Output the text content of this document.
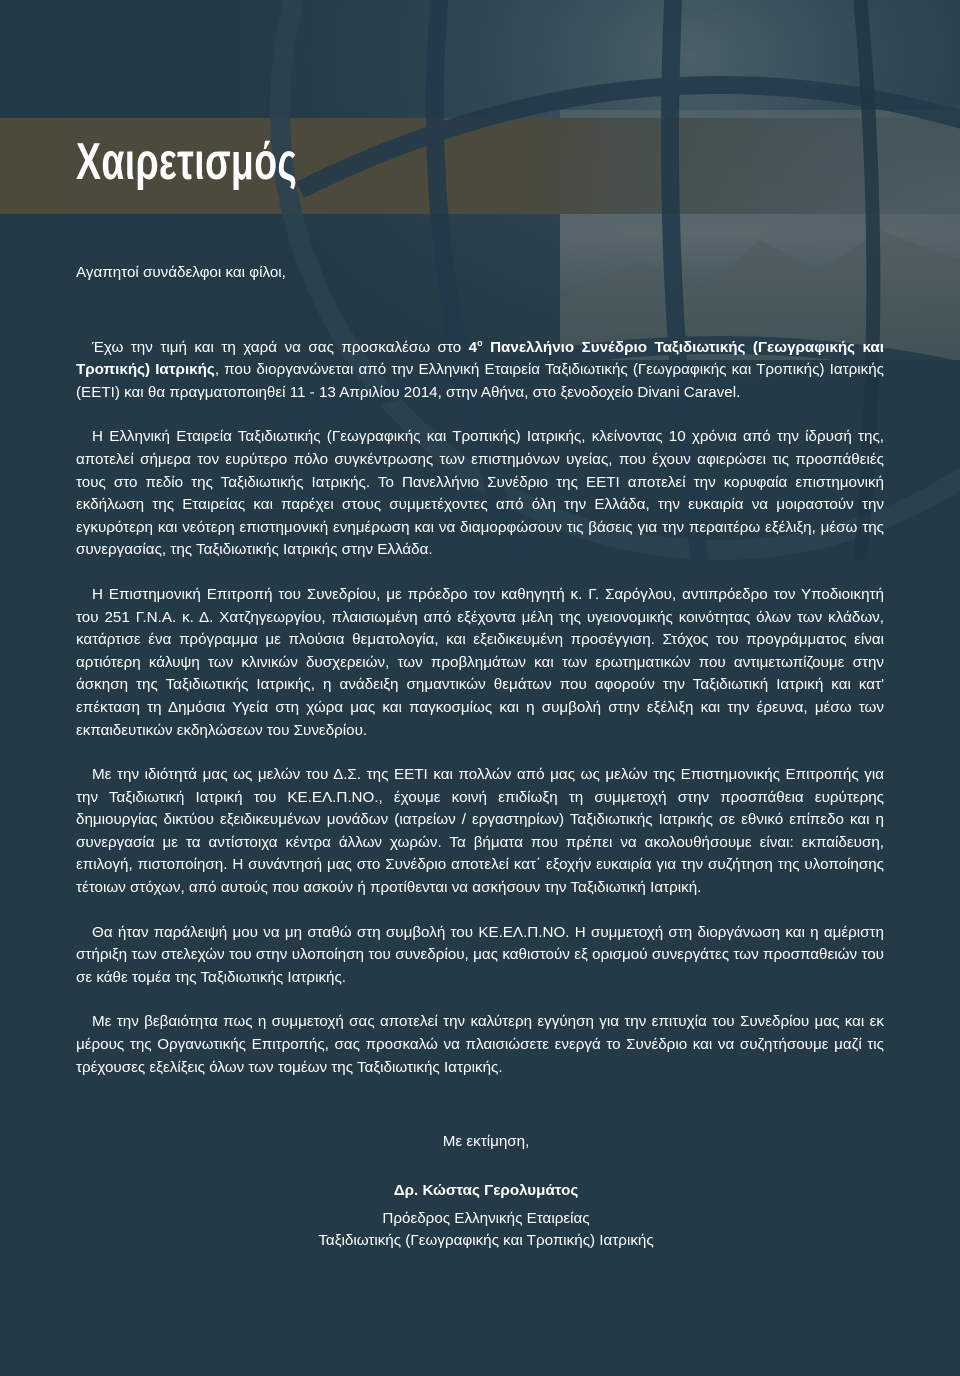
Χαιρετισμός

Αγαπητοί συνάδελφοι και φίλοι,

Έχω την τιμή και τη χαρά να σας προσκαλέσω στο $4^o$ Πανελλήνιο Συνέδριο Ταξιδιωτικής (Γεωγραφικής και Τροπικής) Ιατρικής, που διοργανώνεται από την Ελληνική Εταιρεία Ταξιδιωτικής (Γεωγραφικής και Τροπικής) Ιατρικής (ΕΕΤΙ) και θα πραγματοποιηθεί 11 - 13 Απριλίου 2014, στην Αθήνα, στο ξενοδοχείο Divani Caravel.

Η Ελληνική Εταιρεία Ταξιδιωτικής (Γεωγραφικής και Τροπικής) Ιατρικής, κλείνοντας 10 χρόνια από την ίδρυσή της, αποτελεί σήμερα τον ευρύτερο πόλο συγκέντρωσης των επιστημόνων υγείας, που έχουν αφιερώσει τις προσπάθειές τους στο πεδίο της Ταξιδιωτικής Ιατρικής. Το Πανελλήνιο Συνέδριο της ΕΕΤΙ αποτελεί την κορυφαία επιστημονική εκδήλωση της Εταιρείας και παρέχει στους συμμετέχοντες από όλη την Ελλάδα, την ευκαιρία να μοιραστούν την εγκυρότερη και νεότερη επιστημονική ενημέρωση και να διαμορφώσουν τις βάσεις για την περαιτέρω εξέλιξη, μέσω της συνεργασίας, της Ταξιδιωτικής Ιατρικής στην Ελλάδα.

Η Επιστημονική Επιτροπή του Συνεδρίου, με πρόεδρο τον καθηγητή κ. Γ. Σαρόγλου, αντιπρόεδρο τον Υποδιοικητή του 251 Γ.Ν.Α. κ. Δ. Χατζηγεωργίου, πλαισιωμένη από εξέχοντα μέλη της υγειονομικής κοινότητας όλων των κλάδων, κατάρτισε ένα πρόγραμμα με πλούσια θεματολογία, και εξειδικευμένη προσέγγιση. Στόχος του προγράμματος είναι αρτιότερη κάλυψη των κλινικών δυσχερειών, των προβλημάτων και των ερωτηματικών που αντιμετωπίζουμε στην άσκηση της Ταξιδιωτικής Ιατρικής, η ανάδειξη σημαντικών θεμάτων που αφορούν την Ταξιδιωτική Ιατρική και κατ' επέκταση τη Δημόσια Υγεία στη χώρα μας και παγκοσμίως και η συμβολή στην εξέλιξη και την έρευνα, μέσω των εκπαιδευτικών εκδηλώσεων του Συνεδρίου.

Με την ιδιότητά μας ως μελών του Δ.Σ. της ΕΕΤΙ και πολλών από μας ως μελών της Επιστημονικής Επιτροπής για την Ταξιδιωτική Ιατρική του ΚΕ.ΕΛ.Π.ΝΟ., έχουμε κοινή επιδίωξη τη συμμετοχή στην προσπάθεια ευρύτερης δημιουργίας δικτύου εξειδικευμένων μονάδων (ιατρείων / εργαστηρίων) Ταξιδιωτικής Ιατρικής σε εθνικό επίπεδο και η συνεργασία με τα αντίστοιχα κέντρα άλλων χωρών. Τα βήματα που πρέπει να ακολουθήσουμε είναι: εκπαίδευση, επιλογή, πιστοποίηση. Η συνάντησή μας στο Συνέδριο αποτελεί κατ΄ εξοχήν ευκαιρία για την συζήτηση της υλοποίησης τέτοιων στόχων, από αυτούς που ασκούν ή προτίθενται να ασκήσουν την Ταξιδιωτική Ιατρική.

Θα ήταν παράλειψή μου να μη σταθώ στη συμβολή του ΚΕ.ΕΛ.Π.ΝΟ. Η συμμετοχή στη διοργάνωση και η αμέριστη στήριξη των στελεχών του στην υλοποίηση του συνεδρίου, μας καθιστούν εξ ορισμού συνεργάτες των προσπαθειών του σε κάθε τομέα της Ταξιδιωτικής Ιατρικής.

Με την βεβαιότητα πως η συμμετοχή σας αποτελεί την καλύτερη εγγύηση για την επιτυχία του Συνεδρίου μας και εκ μέρους της Οργανωτικής Επιτροπής, σας προσκαλώ να πλαισιώσετε ενεργά το Συνέδριο και να συζητήσουμε μαζί τις τρέχουσες εξελίξεις όλων των τομέων της Ταξιδιωτικής Ιατρικής.

Με εκτίμηση,

Δρ. Κώστας Γερολυμάτος

Πρόεδρος Ελληνικής Εταιρείας

Ταξιδιωτικής (Γεωγραφικής και Τροπικής) Ιατρικής
